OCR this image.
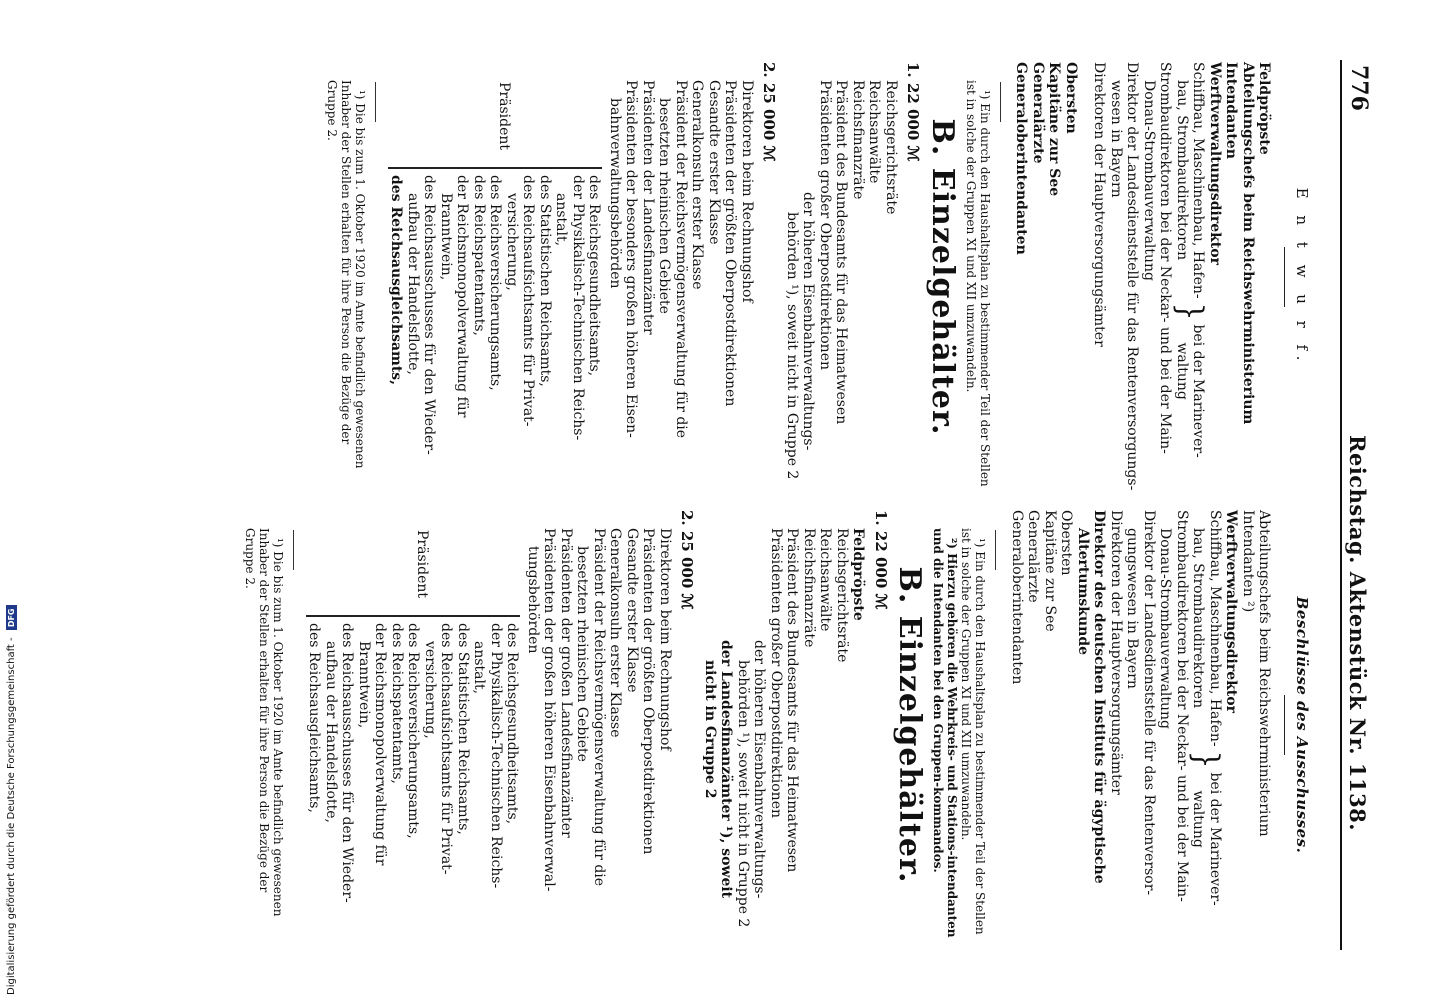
776
Reichstag. Aktenstück Nr. 1138.
E n t w u r f.
Feldpröpste
Abteilungschefs beim Reichswehrministerium
Intendanten
Werftverwaltungsdirektor
Schiffbau, Maschinenbau, Hafen-
bau, Strombaudirektoren
}
bei der Marinever-
waltung
Strombaudirektoren bei der Neckar- und bei der Main-
Donau-Strombauverwaltung
Direktor der Landesdienststelle für das Rentenversorgungs-
wesen in Bayern
Direktoren der Hauptversorgungsämter
Obersten
Kapitäne zur See
Generalärzte
Generaloberintendanten
¹) Ein durch den Haushaltsplan zu bestimmender Teil der Stellen ist in solche der Gruppen XI und XII umzuwandeln.
B. Einzelgehälter.
1. 22 000 ℳ
Reichsgerichtsräte
Reichsanwälte
Reichsfinanzräte
Präsident des Bundesamts für das Heimatwesen
Präsidenten großer Oberpostdirektionen
der höheren Eisenbahnverwaltungs-
behörden ¹), soweit nicht in Gruppe 2
2. 25 000 ℳ
Direktoren beim Rechnungshof
Präsidenten der größten Oberpostdirektionen
Gesandte erster Klasse
Generalkonsuln erster Klasse
Präsident der Reichsvermögensverwaltung für die
besetzten rheinischen Gebiete
Präsidenten der Landesfinanzämter
Präsidenten der besonders großen höheren Eisen-
bahnverwaltungsbehörden
Präsident
des Reichsgesundheitsamts,
der Physikalisch-Technischen Reichs-
anstalt,
des Statistischen Reichsamts,
des Reichsaufsichtsamts für Privat-
versicherung,
des Reichsversicherungsamts,
des Reichspatentamts,
der Reichsmonopolverwaltung für
Branntwein,
des Reichsausschusses für den Wieder-
aufbau der Handelsflotte,
des Reichsausgleichsamts,
¹) Die bis zum 1. Oktober 1920 im Amte befindlich gewesenen Inhaber der Stellen erhalten für ihre Person die Bezüge der Gruppe 2.
Beschlüsse des Ausschusses.
Abteilungschefs beim Reichswehrministerium
Intendanten ²)
Werftverwaltungsdirektor
Schiffbau, Maschinenbau, Hafen-
bau, Strombaudirektoren
}
bei der Marinever-
waltung
Strombaudirektoren bei der Neckar- und bei der Main-
Donau-Strombauverwaltung
Direktor der Landesdienststelle für das Rentenversor-
gungswesen in Bayern
Direktoren der Hauptversorgungsämter
Direktor des deutschen Instituts für ägyptische
Altertumskunde
Obersten
Kapitäne zur See
Generalärzte
Generaloberintendanten
¹) Ein durch den Haushaltsplan zu bestimmender Teil der Stellen ist in solche der Gruppen XI und XII umzuwandeln.
²) Hierzu gehören die Wehrkreis- und Stations-intendanten und die Intendanten bei den Gruppen-kommandos.
B. Einzelgehälter.
1. 22 000 ℳ
Feldpröpste
Reichsgerichtsräte
Reichsanwälte
Reichsfinanzräte
Präsident des Bundesamts für das Heimatwesen
Präsidenten großer Oberpostdirektionen
der höheren Eisenbahnverwaltungs-
behörden ¹), soweit nicht in Gruppe 2
der Landesfinanzämter ¹), soweit
nicht in Gruppe 2
2. 25 000 ℳ
Direktoren beim Rechnungshof
Präsidenten der größten Oberpostdirektionen
Gesandte erster Klasse
Generalkonsuln erster Klasse
Präsident der Reichsvermögensverwaltung für die
besetzten rheinischen Gebiete
Präsidenten der großen Landesfinanzämter
Präsidenten der großen höheren Eisenbahnverwal-
tungsbehörden
Präsident
des Reichsgesundheitsamts,
der Physikalisch-Technischen Reichs-
anstalt,
des Statistischen Reichsamts,
des Reichsaufsichtsamts für Privat-
versicherung,
des Reichsversicherungsamts,
des Reichspatentamts,
der Reichsmonopolverwaltung für
Branntwein,
des Reichsausschusses für den Wieder-
aufbau der Handelsflotte,
des Reichsausgleichsamts,
¹) Die bis zum 1. Oktober 1920 im Amte befindlich gewesenen Inhaber der Stellen erhalten für ihre Person die Bezüge der Gruppe 2.
Digitalisierung gefördert durch die Deutsche Forschungsgemeinschaft - DFG
